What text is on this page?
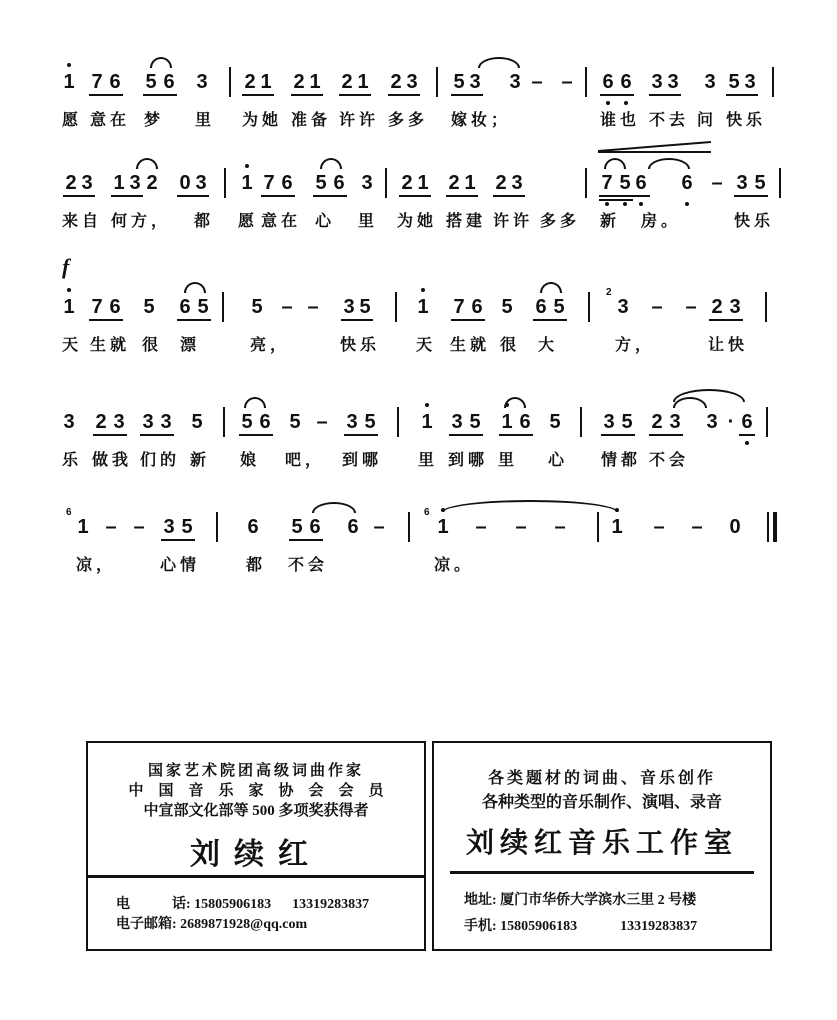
1 7 6 5 6 3 2 1 2 1 2 1 2 3 5 3 3 – – 6 6 3 3 3 5 3
愿 意在 梦 里 为她 准备 许许 多多 嫁妆；	谁也 不去 问 快乐
2 3 1 3 2 0 3 1 7 6 5 6 3 2 1 2 1 2 3	7 5 6 6 – 3 5
来自 何方， 都 愿 意在 心 里 为她 搭建 许许 多多 新 房。	快乐
f
1 7 6 5 6 5 5 – – 3 5 1 7 6 5 6 5
2
3 – – 2 3
天 生就 很 漂	亮，	快乐 天 生就 很 大	方，	让快
3 2 3 3 3 5 5 6 5 – 3 5 1 3 5 1 6 5 3 5 2 3 3 · 6
乐 做我 们的 新 娘 吧， 到哪 里 到哪 里 心 情都 不会
6
1 – – 3 5	6 5 6 6 –
6
1 – – – 1 – – 0
凉，	心情	都 不会	凉。
国家艺术院团高级词曲作家
中　国　音　乐　家　协　会　会　员
中宣部文化部等 500 多项奖获得者
刘续红
电　　　话: 15805906183 13319283837
电子邮箱: 2689871928@qq.com
各类题材的词曲、音乐创作
各种类型的音乐制作、演唱、录音
刘续红音乐工作室
地址: 厦门市华侨大学滨水三里 2 号楼
手机: 15805906183	13319283837
